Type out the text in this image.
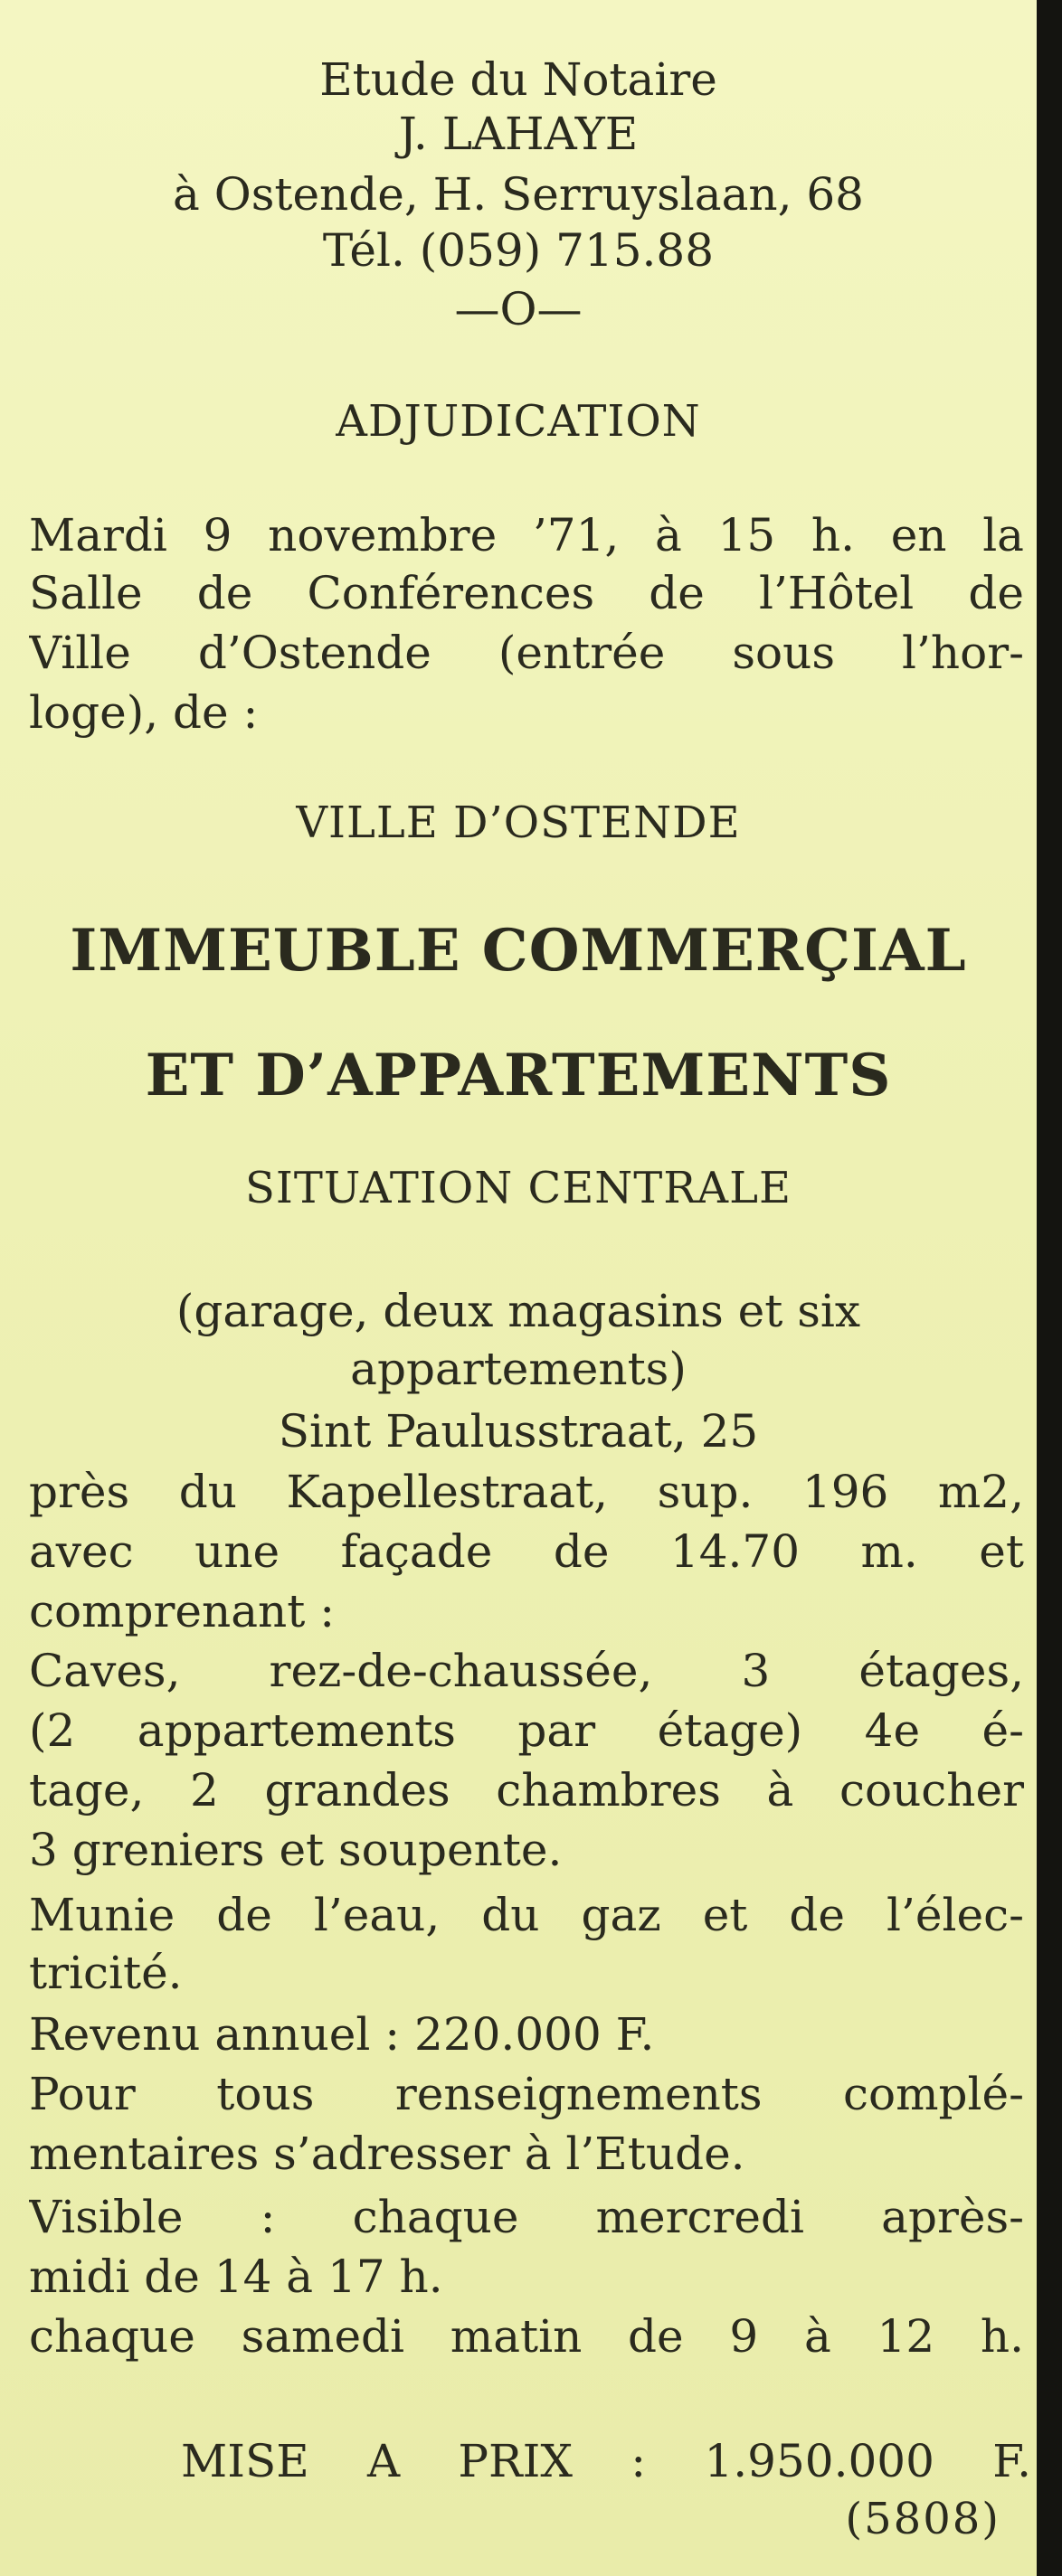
Etude du Notaire
J. LAHAYE
à Ostende, H. Serruyslaan, 68
Tél. (059) 715.88
—O—
ADJUDICATION
Mardi 9 novembre ’71, à 15 h. en la
Salle de Conférences de l’Hôtel de
Ville d’Ostende (entrée sous l’hor-
loge), de :
VILLE D’OSTENDE
IMMEUBLE COMMERÇIAL
ET D’APPARTEMENTS
SITUATION CENTRALE
(garage, deux magasins et six
appartements)
Sint Paulusstraat, 25
près du Kapellestraat, sup. 196 m2,
avec une façade de 14.70 m. et
comprenant :
Caves, rez-de-chaussée, 3 étages,
(2 appartements par étage) 4e é-
tage, 2 grandes chambres à coucher
3 greniers et soupente.
Munie de l’eau, du gaz et de l’élec-
tricité.
Revenu annuel : 220.000 F.
Pour tous renseignements complé-
mentaires s’adresser à l’Etude.
Visible : chaque mercredi après-
midi de 14 à 17 h.
chaque samedi matin de 9 à 12 h.
MISE A PRIX : 1.950.000 F.
(5808)
